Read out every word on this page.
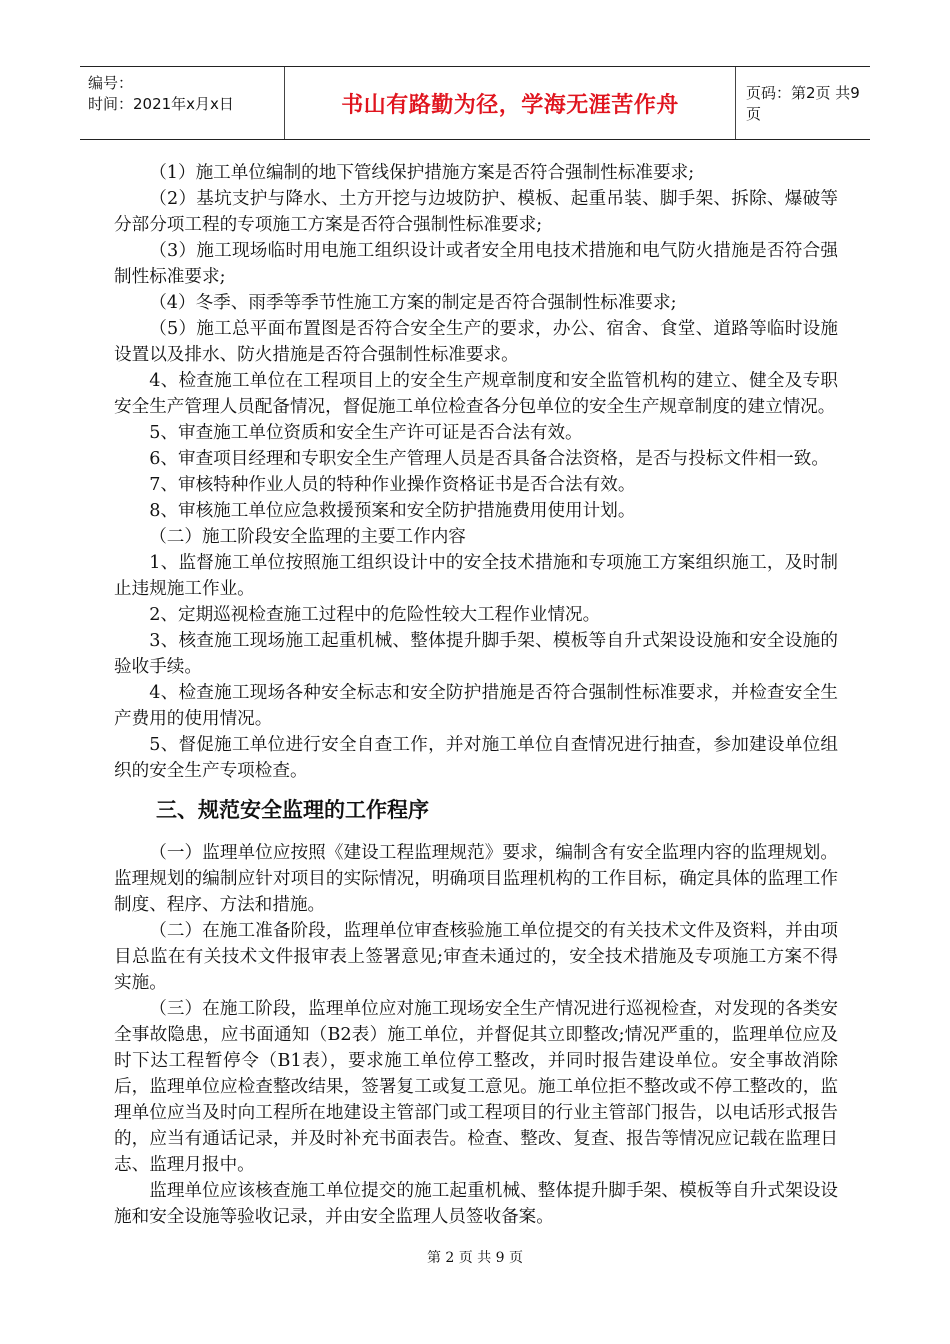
编号：
时间：2021年x月x日	书山有路勤为径，学海无涯苦作舟	页码：第2页 共9页

（1）施工单位编制的地下管线保护措施方案是否符合强制性标准要求;

（2）基坑支护与降水、土方开挖与边坡防护、模板、起重吊装、脚手架、拆除、爆破等分部分项工程的专项施工方案是否符合强制性标准要求;

（3）施工现场临时用电施工组织设计或者安全用电技术措施和电气防火措施是否符合强制性标准要求;

（4）冬季、雨季等季节性施工方案的制定是否符合强制性标准要求;

（5）施工总平面布置图是否符合安全生产的要求，办公、宿舍、食堂、道路等临时设施设置以及排水、防火措施是否符合强制性标准要求。

4、检查施工单位在工程项目上的安全生产规章制度和安全监管机构的建立、健全及专职安全生产管理人员配备情况，督促施工单位检查各分包单位的安全生产规章制度的建立情况。

5、审查施工单位资质和安全生产许可证是否合法有效。

6、审查项目经理和专职安全生产管理人员是否具备合法资格，是否与投标文件相一致。

7、审核特种作业人员的特种作业操作资格证书是否合法有效。

8、审核施工单位应急救援预案和安全防护措施费用使用计划。

（二）施工阶段安全监理的主要工作内容

1、监督施工单位按照施工组织设计中的安全技术措施和专项施工方案组织施工，及时制止违规施工作业。

2、定期巡视检查施工过程中的危险性较大工程作业情况。

3、核查施工现场施工起重机械、整体提升脚手架、模板等自升式架设设施和安全设施的验收手续。

4、检查施工现场各种安全标志和安全防护措施是否符合强制性标准要求，并检查安全生产费用的使用情况。

5、督促施工单位进行安全自查工作，并对施工单位自查情况进行抽查，参加建设单位组织的安全生产专项检查。

三、规范安全监理的工作程序

（一）监理单位应按照《建设工程监理规范》要求，编制含有安全监理内容的监理规划。监理规划的编制应针对项目的实际情况，明确项目监理机构的工作目标，确定具体的监理工作制度、程序、方法和措施。

（二）在施工准备阶段，监理单位审查核验施工单位提交的有关技术文件及资料，并由项目总监在有关技术文件报审表上签署意见;审查未通过的，安全技术措施及专项施工方案不得实施。

（三）在施工阶段，监理单位应对施工现场安全生产情况进行巡视检查，对发现的各类安全事故隐患，应书面通知（B2表）施工单位，并督促其立即整改;情况严重的，监理单位应及时下达工程暂停令（B1表），要求施工单位停工整改，并同时报告建设单位。安全事故消除后，监理单位应检查整改结果，签署复工或复工意见。施工单位拒不整改或不停工整改的，监理单位应当及时向工程所在地建设主管部门或工程项目的行业主管部门报告，以电话形式报告的，应当有通话记录，并及时补充书面表告。检查、整改、复查、报告等情况应记载在监理日志、监理月报中。

监理单位应该核查施工单位提交的施工起重机械、整体提升脚手架、模板等自升式架设设施和安全设施等验收记录，并由安全监理人员签收备案。

第 2 页 共 9 页
